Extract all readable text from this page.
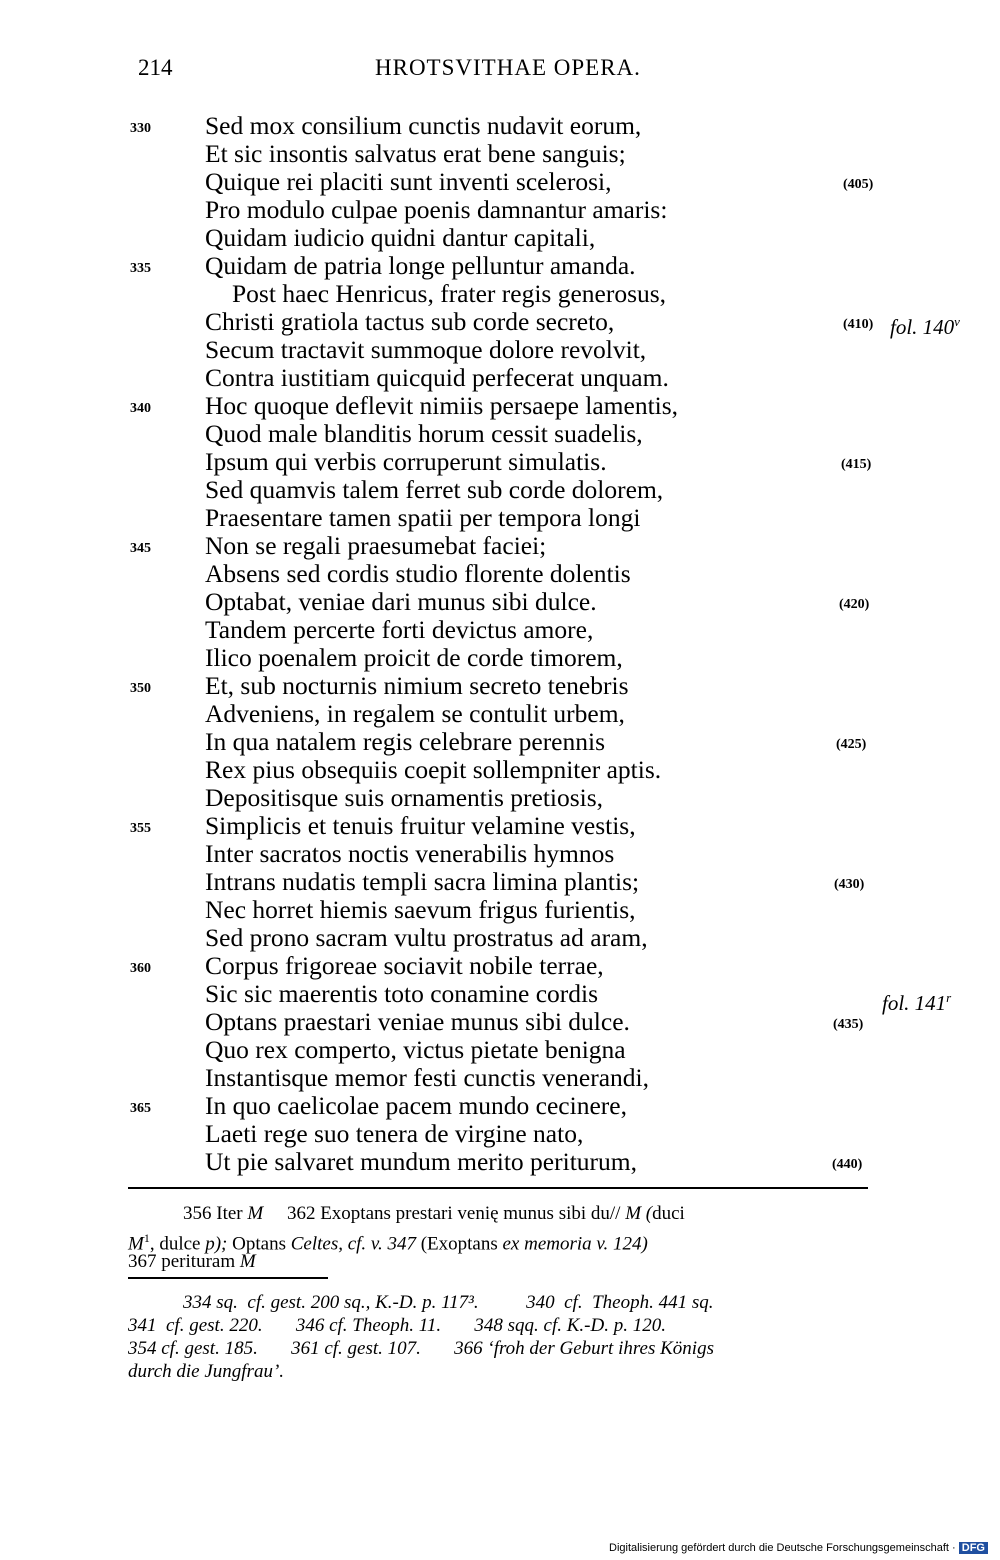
214	HROTSVITHAE OPERA.
Sed mox consilium cunctis nudavit eorum,
Et sic insontis salvatus erat bene sanguis;
Quique rei placiti sunt inventi scelerosi,
Pro modulo culpae poenis damnantur amaris:
Quidam iudicio quidni dantur capitali,
Quidam de patria longe pelluntur amanda.
Post haec Henricus, frater regis generosus,
Christi gratiola tactus sub corde secreto,
Secum tractavit summoque dolore revolvit,
Contra iustitiam quicquid perfecerat unquam.
Hoc quoque deflevit nimiis persaepe lamentis,
Quod male blanditis horum cessit suadelis,
Ipsum qui verbis corruperunt simulatis.
Sed quamvis talem ferret sub corde dolorem,
Praesentare tamen spatii per tempora longi
Non se regali praesumebat faciei;
Absens sed cordis studio florente dolentis
Optabat, veniae dari munus sibi dulce.
Tandem percerte forti devictus amore,
Ilico poenalem proicit de corde timorem,
Et, sub nocturnis nimium secreto tenebris
Adveniens, in regalem se contulit urbem,
In qua natalem regis celebrare perennis
Rex pius obsequiis coepit sollempniter aptis.
Depositisque suis ornamentis pretiosis,
Simplicis et tenuis fruitur velamine vestis,
Inter sacratos noctis venerabilis hymnos
Intrans nudatis templi sacra limina plantis;
Nec horret hiemis saevum frigus furientis,
Sed prono sacram vultu prostratus ad aram,
Corpus frigoreae sociavit nobile terrae,
Sic sic maerentis toto conamine cordis
Optans praestari veniae munus sibi dulce.
Quo rex comperto, victus pietate benigna
Instantisque memor festi cunctis venerandi,
In quo caelicolae pacem mundo cecinere,
Laeti rege suo tenera de virgine nato,
Ut pie salvaret mundum merito periturum,
330
335
340
345
350
355
360
365
(405)
(410)
(415)
(420)
(425)
(430)
(435)
(440)
fol. 140$^v$
fol. 141$^r$
356 Iter M 362 Exoptans prestari venię munus sibi du// M (duci
$M^1$, dulce p); Optans Celtes, cf. v. 347 (Exoptans ex memoria v. 124)
367 perituram M
334 sq.  cf. gest. 200 sq., K.-D. p. 117³.          340  cf.  Theoph. 441 sq.
341  cf. gest. 220.       346 cf. Theoph. 11.       348 sqq. cf. K.-D. p. 120.
354 cf. gest. 185.       361 cf. gest. 107.       366 ‘froh der Geburt ihres Königs
durch die Jungfrau’.
Digitalisierung gefördert durch die Deutsche Forschungsgemeinschaft · DFG
